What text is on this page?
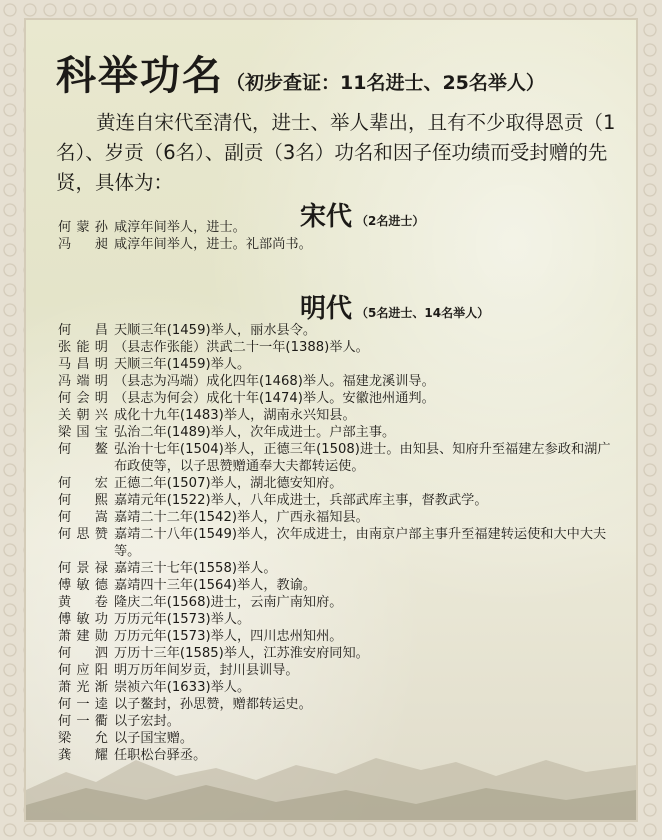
科举功名 （初步查证：11名进士、25名举人）
黄连自宋代至清代，进士、举人辈出，且有不少取得恩贡（1名）、岁贡（6名）、副贡（3名）功名和因子侄功绩而受封赠的先贤，具体为：
宋代 （2名进士）
何蒙孙 咸淳年间举人，进士。
冯　昶 咸淳年间举人，进士。礼部尚书。
明代 （5名进士、14名举人）
何　昌 天顺三年(1459)举人，丽水县令。
张能明 （县志作张能）洪武二十一年(1388)举人。
马昌明 天顺三年(1459)举人。
冯端明 （县志为冯端）成化四年(1468)举人。福建龙溪训导。
何会明 （县志为何会）成化十年(1474)举人。安徽池州通判。
关朝兴 成化十九年(1483)举人，湖南永兴知县。
梁国宝 弘治二年(1489)举人，次年成进士。户部主事。
何　鳌 弘治十七年(1504)举人，正德三年(1508)进士。由知县、知府升至福建左参政和湖广布政使等，以子思赞赠通奉大夫都转运使。
何　宏 正德二年(1507)举人，湖北德安知府。
何　熙 嘉靖元年(1522)举人，八年成进士，兵部武库主事，督教武学。
何　嵩 嘉靖二十二年(1542)举人，广西永福知县。
何思赞 嘉靖二十八年(1549)举人，次年成进士，由南京户部主事升至福建转运使和大中大夫等。
何景禄 嘉靖三十七年(1558)举人。
傅敏德 嘉靖四十三年(1564)举人，教谕。
黄　卷 隆庆二年(1568)进士，云南广南知府。
傅敏功 万历元年(1573)举人。
萧建勋 万历元年(1573)举人，四川忠州知州。
何　泗 万历十三年(1585)举人，江苏淮安府同知。
何应阳 明万历年间岁贡，封川县训导。
萧光渐 崇祯六年(1633)举人。
何一逵 以子鳌封，孙思赞，赠都转运史。
何一衢 以子宏封。
梁　允 以子国宝赠。
龚　耀 任职松台驿丞。
